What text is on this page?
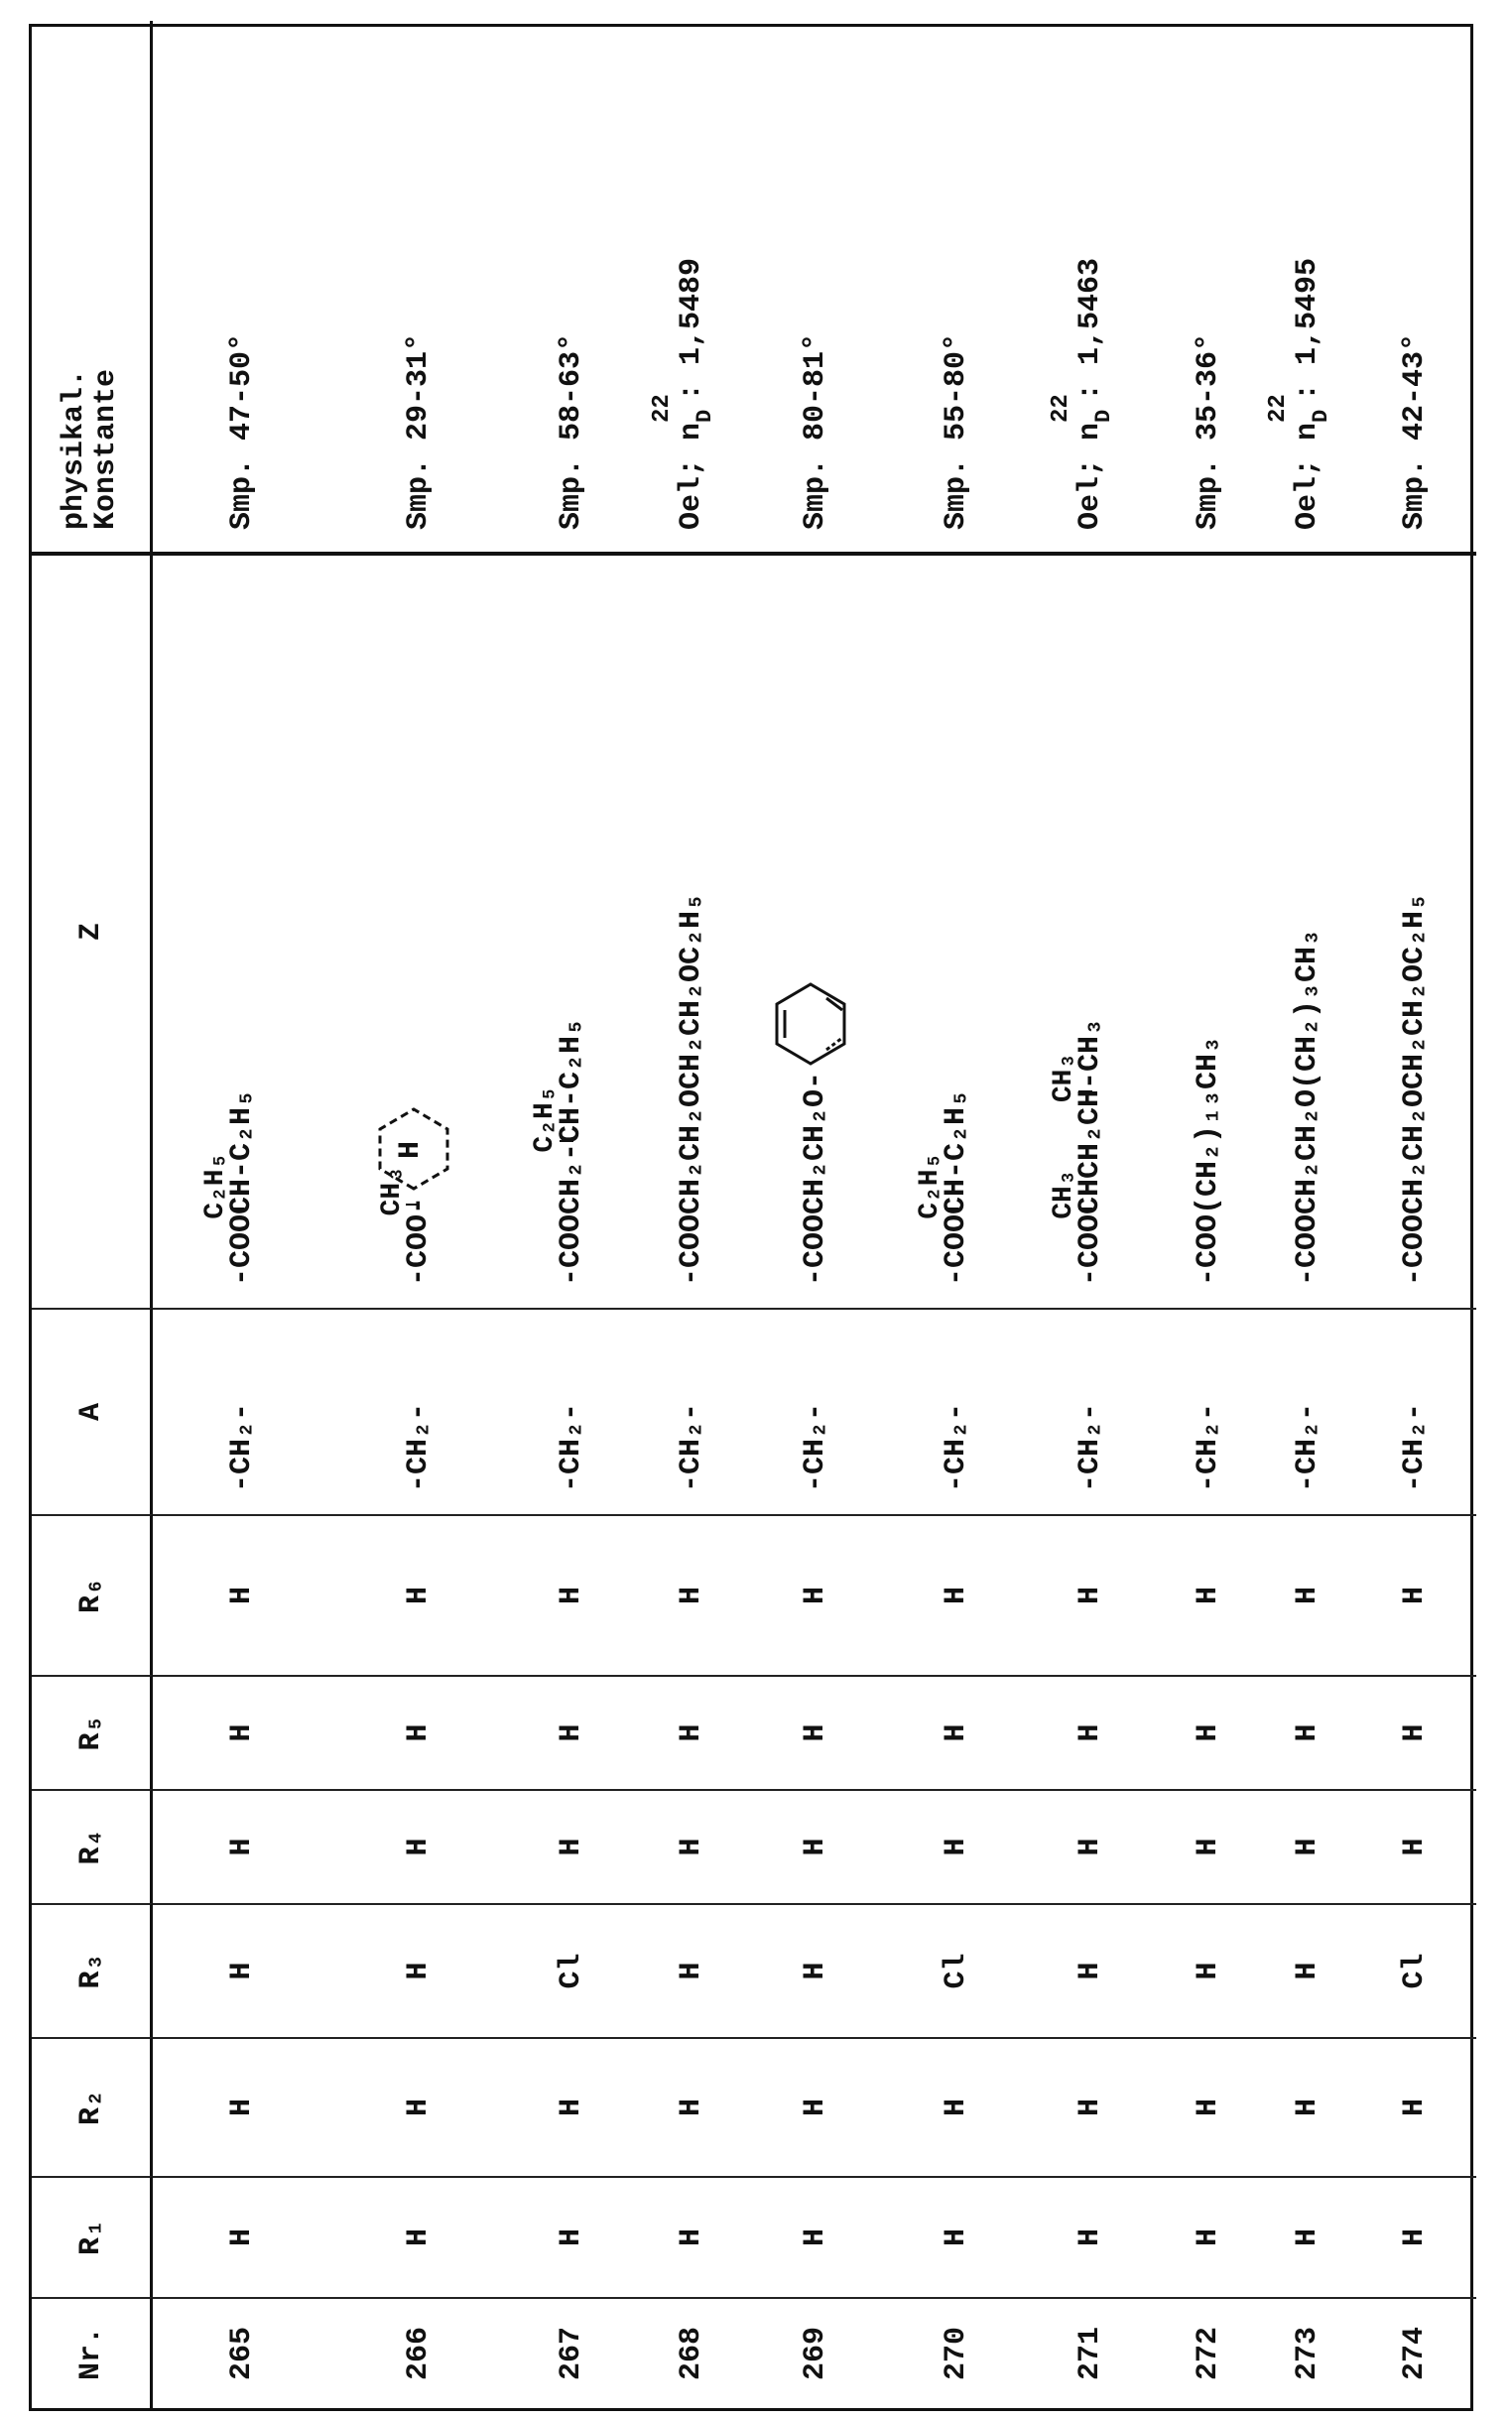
Nr.
R₁
R₂
R₃
R₄
R₅
R₆
A
Z
physikal. Konstante
265
H
H
H
H
H
H
-CH₂-
-COOCH-C₂H₅
C₂H₅
Smp. 47-50°
266
H
H
H
H
H
H
-CH₂-
-COO-
CH₃
H
Smp. 29-31°
267
H
H
Cl
H
H
H
-CH₂-
-COOCH₂-CH-C₂H₅
C₂H₅
Smp. 58-63°
268
H
H
H
H
H
H
-CH₂-
-COOCH₂CH₂OCH₂CH₂OC₂H₅
Oel;
n
22 D
: 1,5489
269
H
H
H
H
H
H
-CH₂-
-COOCH₂CH₂O-
Smp. 80-81°
270
H
H
Cl
H
H
H
-CH₂-
-COOCH-C₂H₅
C₂H₅
Smp. 55-80°
271
H
H
H
H
H
H
-CH₂-
-COOCHCH₂CH-CH₃
CH₃
CH₃
Oel;
n
22 D
: 1,5463
272
H
H
H
H
H
H
-CH₂-
-COO(CH₂)₁₃CH₃
Smp. 35-36°
273
H
H
H
H
H
H
-CH₂-
-COOCH₂CH₂O(CH₂)₃CH₃
Oel;
n
22 D
: 1,5495
274
H
H
Cl
H
H
H
-CH₂-
-COOCH₂CH₂OCH₂CH₂OC₂H₅
Smp. 42-43°
